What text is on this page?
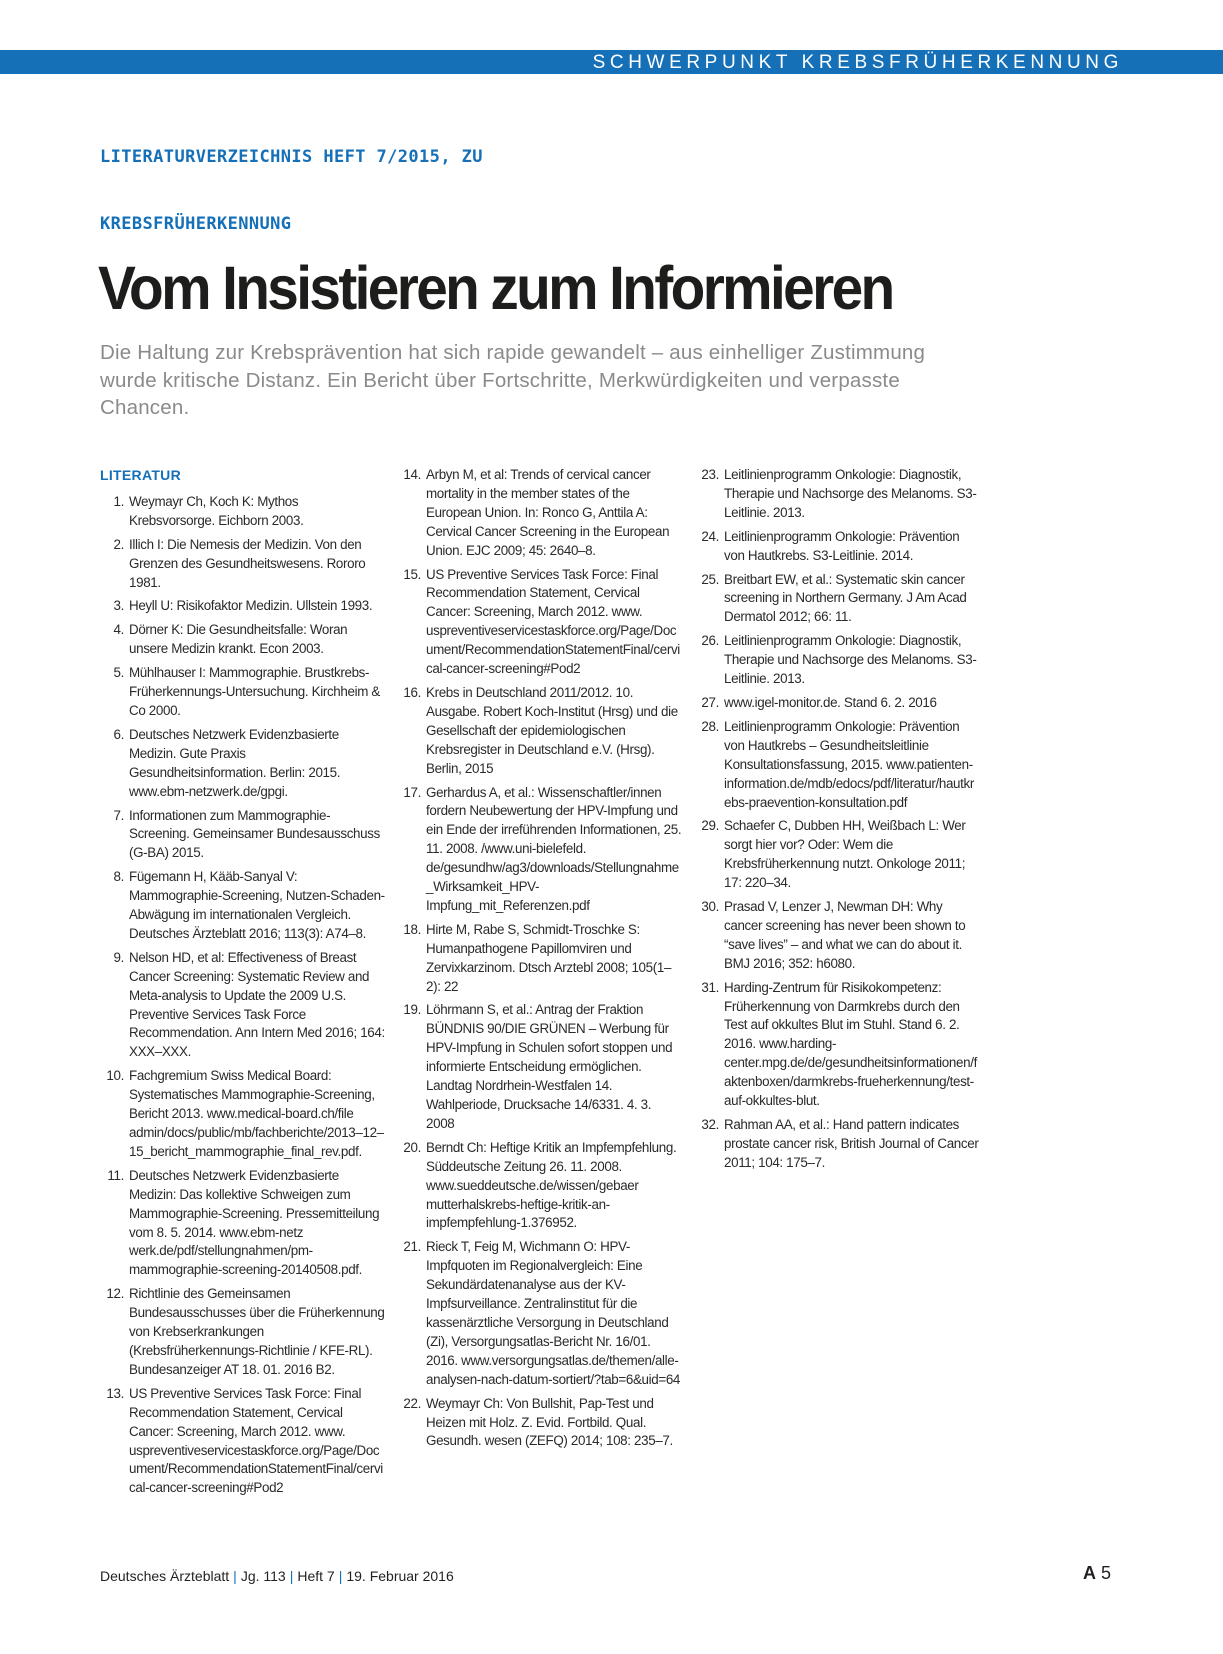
SCHWERPUNKT KREBSFRÜHERKENNUNG
LITERATURVERZEICHNIS HEFT 7/2015, ZU
KREBSFRÜHERKENNUNG
Vom Insistieren zum Informieren

Die Haltung zur Krebsprävention hat sich rapide gewandelt – aus einhelliger Zustimmung wurde kritische Distanz. Ein Bericht über Fortschritte, Merkwürdigkeiten und verpasste Chancen.

LITERATUR
1. Weymayr Ch, Koch K: Mythos Krebsvorsorge. Eichborn 2003.
2. Illich I: Die Nemesis der Medizin. Von den Grenzen des Gesundheitswesens. Rororo 1981.
3. Heyll U: Risikofaktor Medizin. Ullstein 1993.
4. Dörner K: Die Gesundheitsfalle: Woran unsere Medizin krankt. Econ 2003.
5. Mühlhauser I: Mammographie. Brustkrebs-Früherkennungs-Untersuchung. Kirchheim & Co 2000.
6. Deutsches Netzwerk Evidenzbasierte Medizin. Gute Praxis Gesundheitsinformation. Berlin: 2015. www.ebm-netzwerk.de/gpgi.
7. Informationen zum Mammographie-Screening. Gemeinsamer Bundesausschuss (G-BA) 2015.
8. Fügemann H, Kääb-Sanyal V: Mammographie-Screening, Nutzen-Schaden-Abwägung im internationalen Vergleich. Deutsches Ärzteblatt 2016; 113(3): A74–8.
9. Nelson HD, et al: Effectiveness of Breast Cancer Screening: Systematic Review and Meta-analysis to Update the 2009 U.S. Preventive Services Task Force Recommendation. Ann Intern Med 2016; 164: XXX–XXX.
10. Fachgremium Swiss Medical Board: Systematisches Mammographie-Screening, Bericht 2013. www.medical-board.ch/file admin/docs/public/mb/fachberichte/2013–12–15_bericht_mammographie_final_rev.pdf.
11. Deutsches Netzwerk Evidenzbasierte Medizin: Das kollektive Schweigen zum Mammographie-Screening. Pressemitteilung vom 8. 5. 2014. www.ebm-netz werk.de/pdf/stellungnahmen/pm-mammographie-screening-20140508.pdf.
12. Richtlinie des Gemeinsamen Bundesausschusses über die Früherkennung von Krebserkrankungen (Krebsfrüherkennungs-Richtlinie / KFE-RL). Bundesanzeiger AT 18. 01. 2016 B2.
13. US Preventive Services Task Force: Final Recommendation Statement, Cervical Cancer: Screening, March 2012. www. uspreventiveservicestaskforce.org/Page/Document/RecommendationStatementFinal/cervical-cancer-screening#Pod2
14. Arbyn M, et al: Trends of cervical cancer mortality in the member states of the European Union. In: Ronco G, Anttila A: Cervical Cancer Screening in the European Union. EJC 2009; 45: 2640–8.
15. US Preventive Services Task Force: Final Recommendation Statement, Cervical Cancer: Screening, March 2012. www. uspreventiveservicestaskforce.org/Page/Document/RecommendationStatementFinal/cervical-cancer-screening#Pod2
16. Krebs in Deutschland 2011/2012. 10. Ausgabe. Robert Koch-Institut (Hrsg) und die Gesellschaft der epidemiologischen Krebsregister in Deutschland e.V. (Hrsg). Berlin, 2015
17. Gerhardus A, et al.: Wissenschaftler/innen fordern Neubewertung der HPV-Impfung und ein Ende der irreführenden Informationen, 25. 11. 2008. /www.uni-bielefeld. de/gesundhw/ag3/downloads/Stellungnahme_Wirksamkeit_HPV-Impfung_mit_Referenzen.pdf
18. Hirte M, Rabe S, Schmidt-Troschke S: Humanpathogene Papillomviren und Zervixkarzinom. Dtsch Arztebl 2008; 105(1–2): 22
19. Löhrmann S, et al.: Antrag der Fraktion BÜNDNIS 90/DIE GRÜNEN – Werbung für HPV-Impfung in Schulen sofort stoppen und informierte Entscheidung ermöglichen. Landtag Nordrhein-Westfalen 14. Wahlperiode, Drucksache 14/6331. 4. 3. 2008
20. Berndt Ch: Heftige Kritik an Impfempfehlung. Süddeutsche Zeitung 26. 11. 2008. www.sueddeutsche.de/wissen/gebaer mutterhalskrebs-heftige-kritik-an-impfempfehlung-1.376952.
21. Rieck T, Feig M, Wichmann O: HPV-Impfquoten im Regionalvergleich: Eine Sekundärdatenanalyse aus der KV-Impfsurveillance. Zentralinstitut für die kassenärztliche Versorgung in Deutschland (Zi), Versorgungsatlas-Bericht Nr. 16/01. 2016. www.versorgungsatlas.de/themen/alle-analysen-nach-datum-sortiert/?tab=6&uid=64
22. Weymayr Ch: Von Bullshit, Pap-Test und Heizen mit Holz. Z. Evid. Fortbild. Qual. Gesundh. wesen (ZEFQ) 2014; 108: 235–7.
23. Leitlinienprogramm Onkologie: Diagnostik, Therapie und Nachsorge des Melanoms. S3-Leitlinie. 2013.
24. Leitlinienprogramm Onkologie: Prävention von Hautkrebs. S3-Leitlinie. 2014.
25. Breitbart EW, et al.: Systematic skin cancer screening in Northern Germany. J Am Acad Dermatol 2012; 66: 11.
26. Leitlinienprogramm Onkologie: Diagnostik, Therapie und Nachsorge des Melanoms. S3-Leitlinie. 2013.
27. www.igel-monitor.de. Stand 6. 2. 2016
28. Leitlinienprogramm Onkologie: Prävention von Hautkrebs – Gesundheitsleitlinie Konsultationsfassung, 2015. www.patienten-information.de/mdb/edocs/pdf/literatur/hautkrebs-praevention-konsultation.pdf
29. Schaefer C, Dubben HH, Weißbach L: Wer sorgt hier vor? Oder: Wem die Krebsfrüherkennung nutzt. Onkologe 2011; 17: 220–34.
30. Prasad V, Lenzer J, Newman DH: Why cancer screening has never been shown to “save lives” – and what we can do about it. BMJ 2016; 352: h6080.
31. Harding-Zentrum für Risikokompetenz: Früherkennung von Darmkrebs durch den Test auf okkultes Blut im Stuhl. Stand 6. 2. 2016. www.harding-center.mpg.de/de/gesundheitsinformationen/faktenboxen/darmkrebs-frueherkennung/test-auf-okkultes-blut.
32. Rahman AA, et al.: Hand pattern indicates prostate cancer risk, British Journal of Cancer 2011; 104: 175–7.
Deutsches Ärzteblatt | Jg. 113 | Heft 7 | 19. Februar 2016	A 5
